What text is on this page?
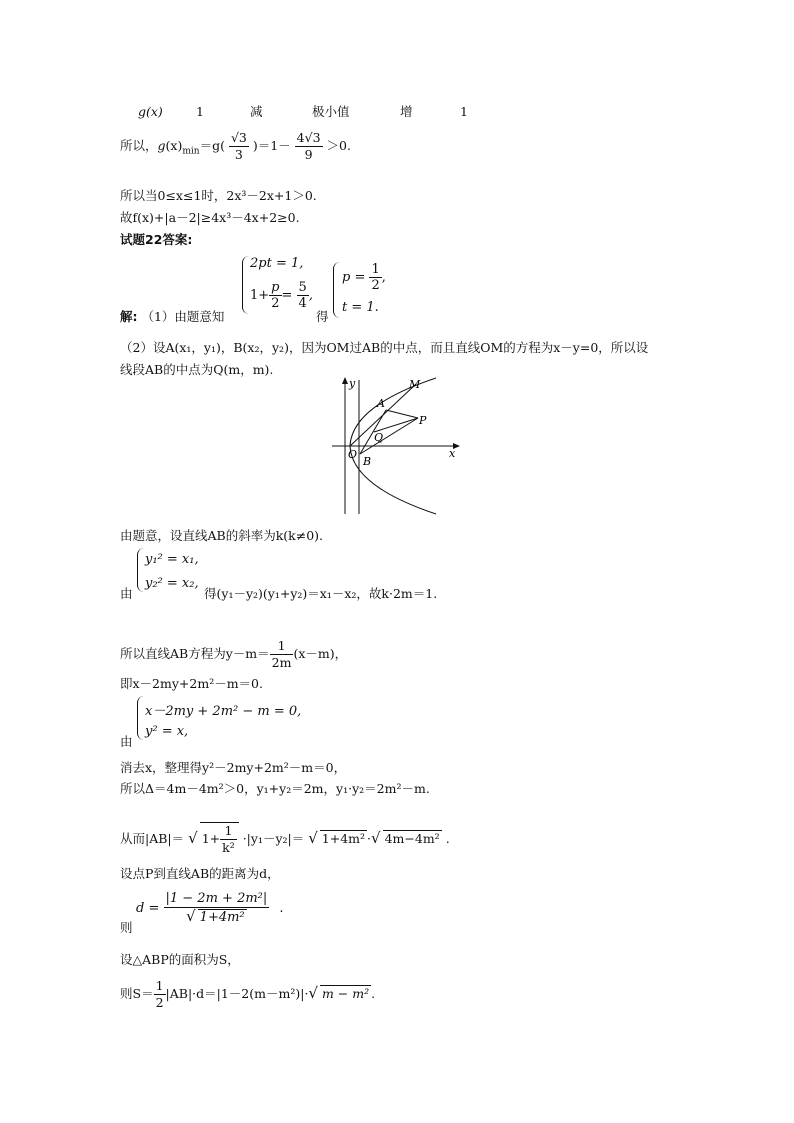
g(x)	1	减	极小值	增	1
所以，$g(x)_{min}=g( \frac{√3}{3} )=1- \frac{4√3}{9} >0$.
所以当0≤x≤1时，2x³－2x+1＞0.
故f(x)+|a－2|≥4x³－4x+2≥0.
试题22答案:
2pt = 1,
$1+ \frac{p}{2} = \frac{5}{4}$ ,
得
$p = \frac{1}{2}$ ,
t = 1.
解: （1）由题意知
（2）设A(x₁，y₁)，B(x₂，y₂)，因为OM过AB的中点，而且直线OM的方程为x－y=0，所以设
线段AB的中点为Q(m，m).
y
x
M
A
P
Q
O
B
由题意，设直线AB的斜率为k(k≠0).
y₁² = x₁,
y₂² = x₂,
由	得(y₁－y₂)(y₁+y₂)＝x₁－x₂，故k·2m＝1.
所以直线AB方程为$y-m= \frac{1}{2m} (x-m)$，
即x－2my+2m²－m＝0.
x－2my + 2m² − m = 0,
y² = x,
由
消去x，整理得y²－2my+2m²－m＝0，
所以Δ＝4m－4m²＞0，y₁+y₂＝2m，y₁·y₂＝2m²－m.
从而|AB|＝ √ $1+ \frac{1}{\text{k²}} \cdot|y_1-y_2|=$ √ 1+4m² ·√ 4m−4m² .
设点P到直线AB的距离为d，
则
$d = \frac{\text{|1 − 2m + 2m²|}}{\text{√ 1+4m²}}$ .
设△ABP的面积为S，
则$S= \frac{1}{2} |AB|\cdot d=|1-2(m-m^2)|\cdot√$ m − m² .
